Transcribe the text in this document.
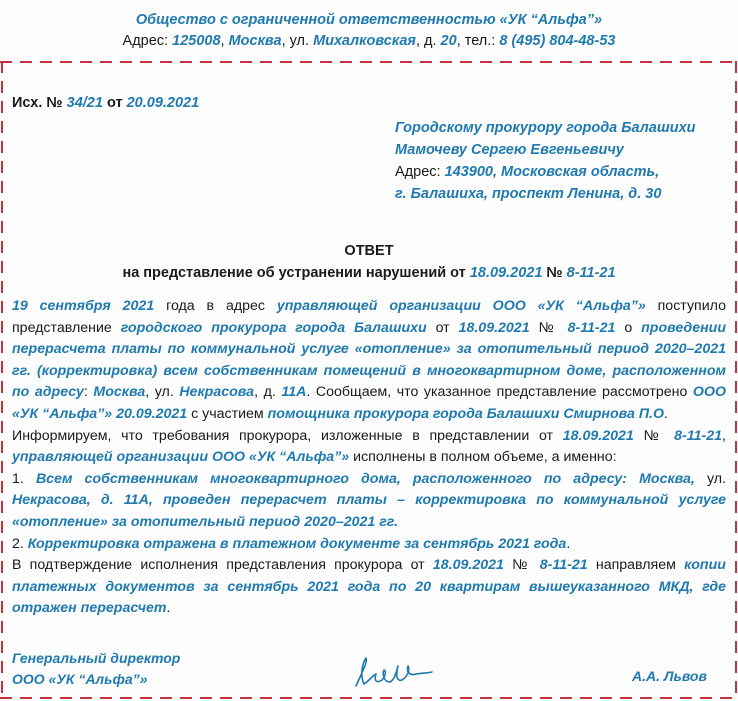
Общество с ограниченной ответственностью «УК “Альфа”»
Адрес: 125008, Москва, ул. Михалковская, д. 20, тел.: 8 (495) 804-48-53
Исх. № 34/21 от 20.09.2021
Городскому прокурору города Балашихи
Мамочеву Сергею Евгеньевичу
Адрес: 143900, Московская область,
г. Балашиха, проспект Ленина, д. 30
ОТВЕТ
на представление об устранении нарушений от 18.09.2021 № 8-11-21

19 сентября 2021 года в адрес управляющей организации ООО «УК “Альфа”» поступило представление городского прокурора города Балашихи от 18.09.2021 № 8-11-21 о проведении перерасчета платы по коммунальной услуге «отопление» за отопительный период 2020–2021 гг. (корректировка) всем собственникам помещений в многоквартирном доме, расположенном по адресу: Москва, ул. Некрасова, д. 11А. Сообщаем, что указанное представление рассмотрено ООО «УК “Альфа”» 20.09.2021 с участием помощника прокурора города Балашихи Смирнова П.О.

Информируем, что требования прокурора, изложенные в представлении от 18.09.2021 № 8-11-21, управляющей организации ООО «УК “Альфа”» исполнены в полном объеме, а именно:

1. Всем собственникам многоквартирного дома, расположенного по адресу: Москва, ул. Некрасова, д. 11А, проведен перерасчет платы – корректировка по коммунальной услуге «отопление» за отопительный период 2020–2021 гг.

2. Корректировка отражена в платежном документе за сентябрь 2021 года.

В подтверждение исполнения представления прокурора от 18.09.2021 № 8-11-21 направляем копии платежных документов за сентябрь 2021 года по 20 квартирам вышеуказанного МКД, где отражен перерасчет.

Генеральный директор
ООО «УК “Альфа”»	А.А. Львов
